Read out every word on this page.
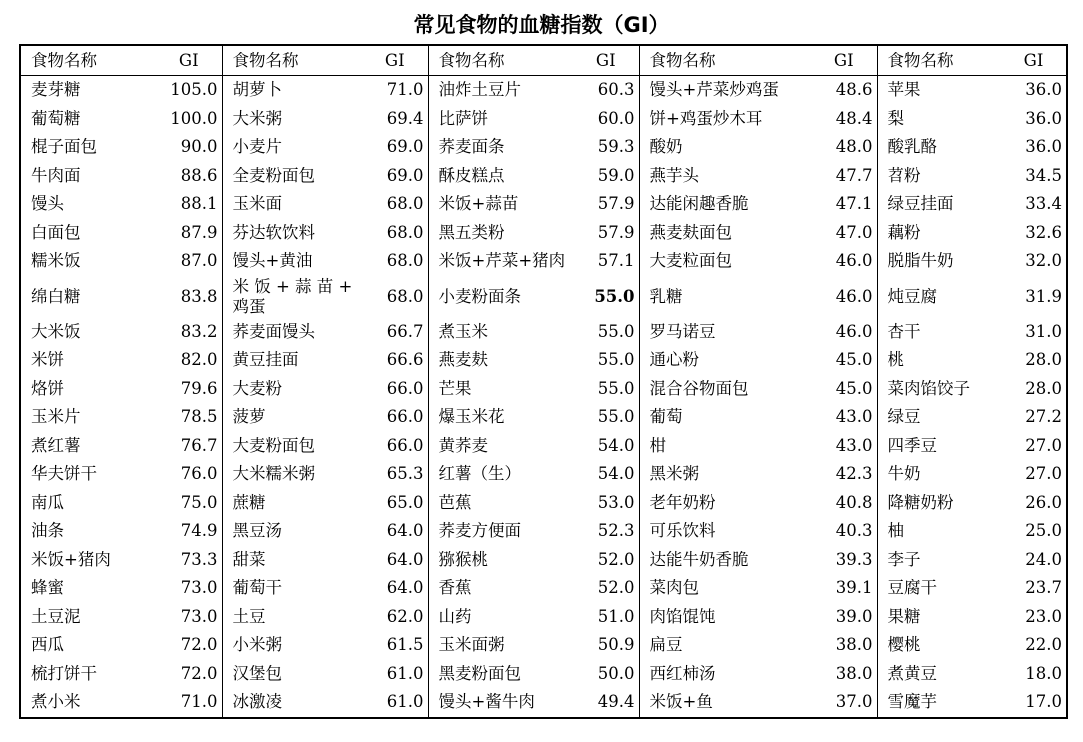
常见食物的血糖指数（GI）
食物名称	GI	食物名称	GI	食物名称	GI	食物名称	GI	食物名称	GI
麦芽糖	105.0	胡萝卜	71.0	油炸土豆片	60.3	馒头+芹菜炒鸡蛋	48.6	苹果	36.0
葡萄糖	100.0	大米粥	69.4	比萨饼	60.0	饼+鸡蛋炒木耳	48.4	梨	36.0
棍子面包	90.0	小麦片	69.0	荞麦面条	59.3	酸奶	48.0	酸乳酪	36.0
牛肉面	88.6	全麦粉面包	69.0	酥皮糕点	59.0	燕芋头	47.7	苕粉	34.5
馒头	88.1	玉米面	68.0	米饭+蒜苗	57.9	达能闲趣香脆	47.1	绿豆挂面	33.4
白面包	87.9	芬达软饮料	68.0	黑五类粉	57.9	燕麦麸面包	47.0	藕粉	32.6
糯米饭	87.0	馒头+黄油	68.0	米饭+芹菜+猪肉	57.1	大麦粒面包	46.0	脱脂牛奶	32.0
绵白糖	83.8	米 饭 + 蒜 苗 + 鸡蛋	68.0	小麦粉面条	55.0	乳糖	46.0	炖豆腐	31.9
大米饭	83.2	荞麦面馒头	66.7	煮玉米	55.0	罗马诺豆	46.0	杏干	31.0
米饼	82.0	黄豆挂面	66.6	燕麦麸	55.0	通心粉	45.0	桃	28.0
烙饼	79.6	大麦粉	66.0	芒果	55.0	混合谷物面包	45.0	菜肉馅饺子	28.0
玉米片	78.5	菠萝	66.0	爆玉米花	55.0	葡萄	43.0	绿豆	27.2
煮红薯	76.7	大麦粉面包	66.0	黄荞麦	54.0	柑	43.0	四季豆	27.0
华夫饼干	76.0	大米糯米粥	65.3	红薯（生）	54.0	黑米粥	42.3	牛奶	27.0
南瓜	75.0	蔗糖	65.0	芭蕉	53.0	老年奶粉	40.8	降糖奶粉	26.0
油条	74.9	黑豆汤	64.0	荞麦方便面	52.3	可乐饮料	40.3	柚	25.0
米饭+猪肉	73.3	甜菜	64.0	猕猴桃	52.0	达能牛奶香脆	39.3	李子	24.0
蜂蜜	73.0	葡萄干	64.0	香蕉	52.0	菜肉包	39.1	豆腐干	23.7
土豆泥	73.0	土豆	62.0	山药	51.0	肉馅馄饨	39.0	果糖	23.0
西瓜	72.0	小米粥	61.5	玉米面粥	50.9	扁豆	38.0	樱桃	22.0
梳打饼干	72.0	汉堡包	61.0	黑麦粉面包	50.0	西红柿汤	38.0	煮黄豆	18.0
煮小米	71.0	冰激凌	61.0	馒头+酱牛肉	49.4	米饭+鱼	37.0	雪魔芋	17.0
